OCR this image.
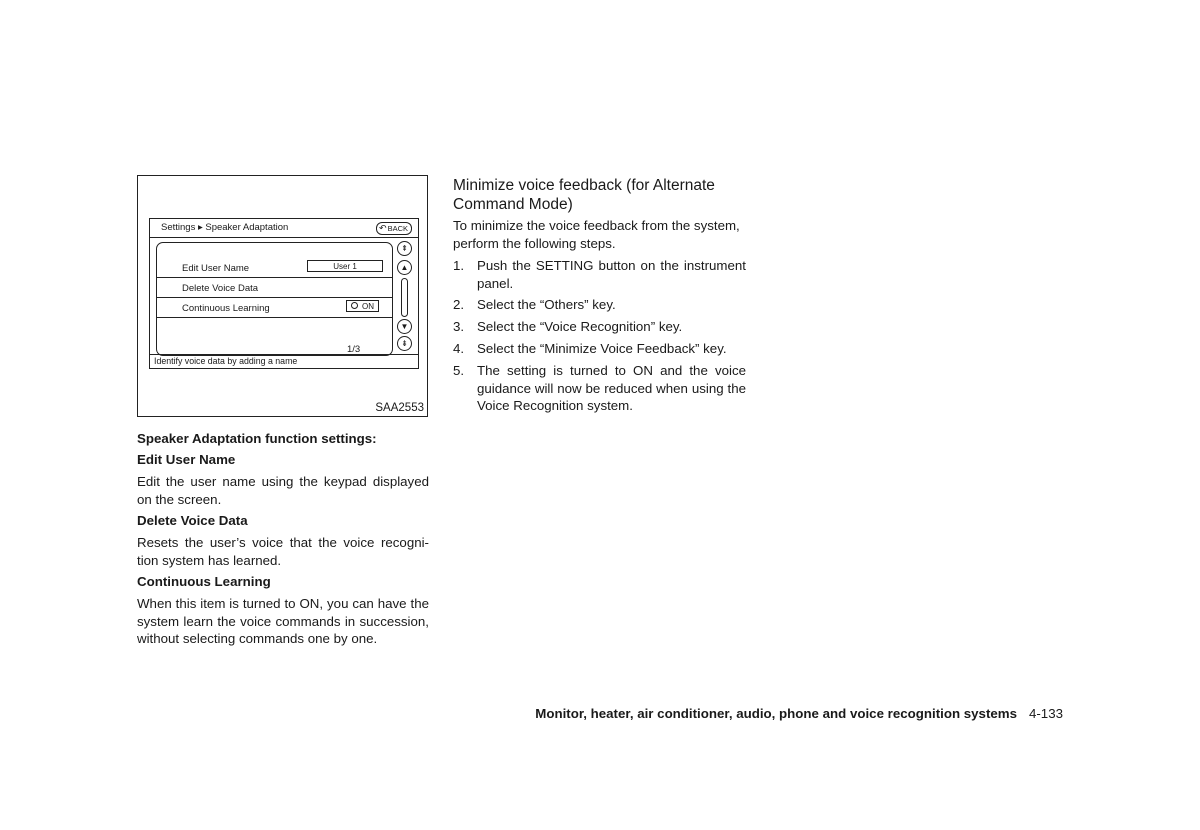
Settings ▸ Speaker Adaptation	↶ BACK
Edit User Name	User 1
Delete Voice Data
Continuous Learning	ON
⇞
▲
▼
⇟
Identify voice data by adding a name
1/3
SAA2553
Speaker Adaptation function settings:
Edit User Name
Edit the user name using the keypad displayed on the screen.
Delete Voice Data
Resets the user’s voice that the voice recogni-tion system has learned.
Continuous Learning
When this item is turned to ON, you can have the system learn the voice commands in succession, without selecting commands one by one.
Minimize voice feedback (for Alternate Command Mode)
To minimize the voice feedback from the system, perform the following steps.
1. Push the SETTING button on the instrument panel.
2. Select the “Others” key.
3. Select the “Voice Recognition” key.
4. Select the “Minimize Voice Feedback” key.
5. The setting is turned to ON and the voice guidance will now be reduced when using the Voice Recognition system.
Monitor, heater, air conditioner, audio, phone and voice recognition systems 4-133
